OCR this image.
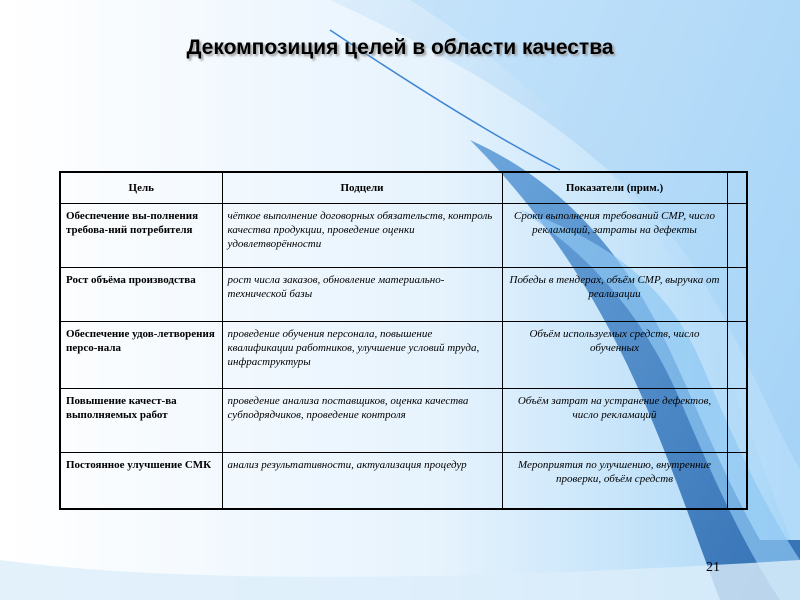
Декомпозиция целей в области качества
Цель	Подцели	Показатели (прим.)	
Обеспечение вы-полнения требова-ний потребителя	чёткое выполнение договорных обязательств, контроль качества продукции, проведение оценки удовлетворённости	Сроки выполнения требований СМР, число рекламаций, затраты на дефекты	
Рост объёма производства	рост числа заказов, обновление материально-технической базы	Победы в тендерах, объём СМР, выручка от реализации	
Обеспечение удов-летворения персо-нала	проведение обучения персонала, повышение квалификации работников, улучшение условий труда, инфраструктуры	Объём используемых средств, число обученных	
Повышение качест-ва выполняемых работ	проведение анализа поставщиков, оценка качества субподрядчиков, проведение контроля	Объём затрат на устранение дефектов, число рекламаций	
Постоянное улучшение СМК	анализ результативности, актуализация процедур	Мероприятия по улучшению, внутренние проверки, объём средств	
21
